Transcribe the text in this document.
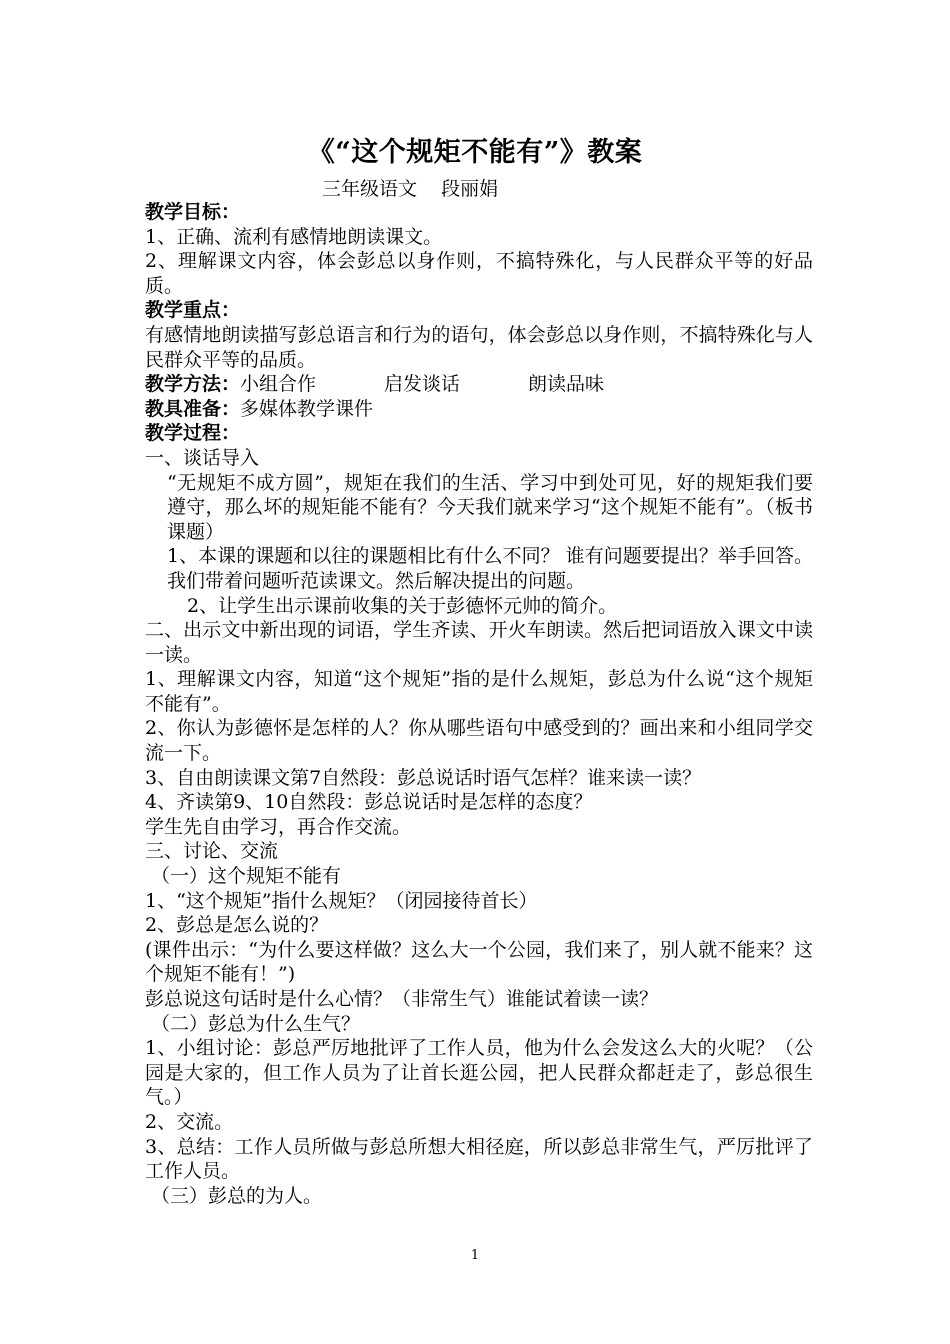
《“这个规矩不能有”》教案
三年级语文    段丽娟

教学目标：

1、正确、流利有感情地朗读课文。

2、理解课文内容，体会彭总以身作则，不搞特殊化，与人民群众平等的好品质。

教学重点：

有感情地朗读描写彭总语言和行为的语句，体会彭总以身作则，不搞特殊化与人民群众平等的品质。

教学方法：小组合作	启发谈话	朗读品味

教具准备：多媒体教学课件

教学过程：

一、谈话导入

“无规矩不成方圆”，规矩在我们的生活、学习中到处可见，好的规矩我们要遵守，那么坏的规矩能不能有？今天我们就来学习“这个规矩不能有”。（板书课题）

1、本课的课题和以往的课题相比有什么不同？ 谁有问题要提出？举手回答。我们带着问题听范读课文。然后解决提出的问题。

2、让学生出示课前收集的关于彭德怀元帅的简介。

二、出示文中新出现的词语，学生齐读、开火车朗读。然后把词语放入课文中读一读。

1、理解课文内容，知道“这个规矩”指的是什么规矩，彭总为什么说“这个规矩不能有”。

2、你认为彭德怀是怎样的人？你从哪些语句中感受到的？画出来和小组同学交流一下。

3、自由朗读课文第7自然段：彭总说话时语气怎样？谁来读一读？

4、齐读第9、10自然段：彭总说话时是怎样的态度？

学生先自由学习，再合作交流。

三、讨论、交流

（一）这个规矩不能有

1、“这个规矩”指什么规矩？（闭园接待首长）

2、彭总是怎么说的？

(课件出示：“为什么要这样做？这么大一个公园，我们来了，别人就不能来？这个规矩不能有！”)

彭总说这句话时是什么心情？（非常生气）谁能试着读一读？

（二）彭总为什么生气？

1、小组讨论：彭总严厉地批评了工作人员，他为什么会发这么大的火呢？（公园是大家的，但工作人员为了让首长逛公园，把人民群众都赶走了，彭总很生气。）

2、交流。

3、总结：工作人员所做与彭总所想大相径庭，所以彭总非常生气，严厉批评了工作人员。

（三）彭总的为人。

1
